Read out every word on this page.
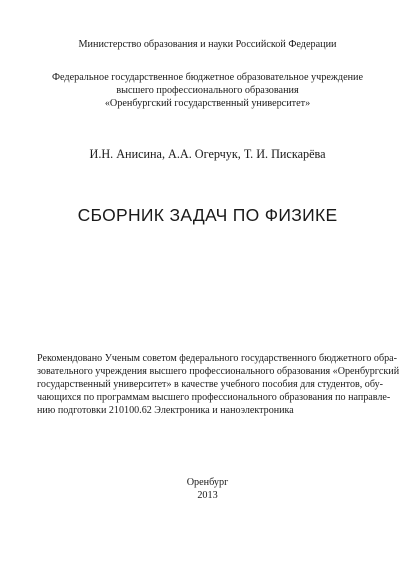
Министерство образования и науки Российской Федерации
Федеральное государственное бюджетное образовательное учреждение
высшего профессионального образования
«Оренбургский государственный университет»
И.Н. Анисина, А.А. Огерчук, Т. И. Пискарёва
СБОРНИК ЗАДАЧ ПО ФИЗИКЕ
Рекомендовано Ученым советом федерального государственного бюджетного обра-
зовательного учреждения высшего профессионального образования «Оренбургский
государственный университет» в качестве учебного пособия для студентов, обу-
чающихся по программам высшего профессионального образования по направле-
нию подготовки 210100.62 Электроника и наноэлектроника
Оренбург
2013
